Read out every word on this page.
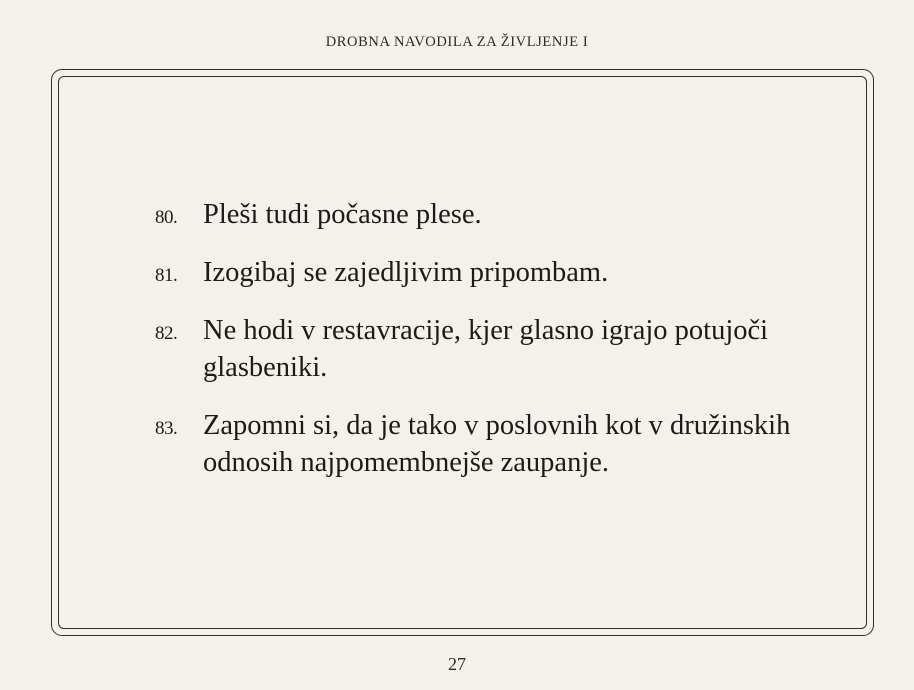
DROBNA NAVODILA ZA ŽIVLJENJE I
80. Pleši tudi počasne plese.
81. Izogibaj se zajedljivim pripombam.
82. Ne hodi v restavracije, kjer glasno igrajo potujoči glasbeniki.
83. Zapomni si, da je tako v poslovnih kot v družinskih odnosih najpomembnejše zaupanje.
27
